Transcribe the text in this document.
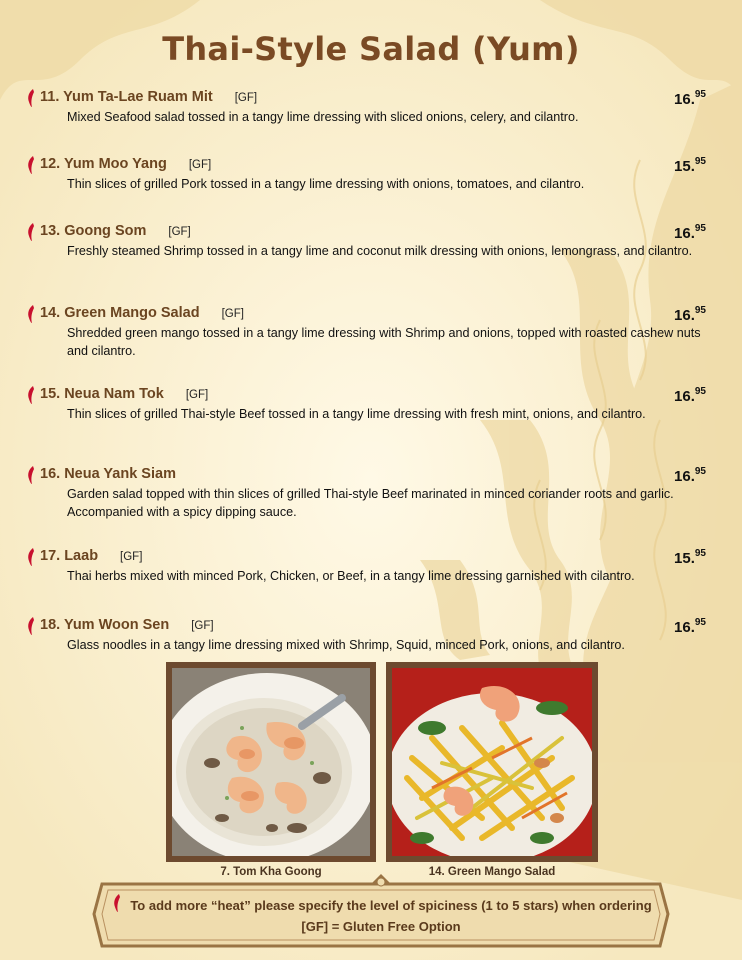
Thai-Style Salad (Yum)
11. Yum Ta-Lae Ruam Mit [GF]	16.95
Mixed Seafood salad tossed in a tangy lime dressing with sliced onions, celery, and cilantro.
12. Yum Moo Yang [GF]	15.95
Thin slices of grilled Pork tossed in a tangy lime dressing with onions, tomatoes, and cilantro.
13. Goong Som [GF]	16.95
Freshly steamed Shrimp tossed in a tangy lime and coconut milk dressing with onions, lemongrass, and cilantro.
14. Green Mango Salad [GF]	16.95
Shredded green mango tossed in a tangy lime dressing with Shrimp and onions, topped with roasted cashew nuts and cilantro.
15. Neua Nam Tok [GF]	16.95
Thin slices of grilled Thai-style Beef tossed in a tangy lime dressing with fresh mint, onions, and cilantro.
16. Neua Yank Siam	16.95
Garden salad topped with thin slices of grilled Thai-style Beef marinated in minced coriander roots and garlic. Accompanied with a spicy dipping sauce.
17. Laab [GF]	15.95
Thai herbs mixed with minced Pork, Chicken, or Beef, in a tangy lime dressing garnished with cilantro.
18. Yum Woon Sen [GF]	16.95
Glass noodles in a tangy lime dressing mixed with Shrimp, Squid, minced Pork, onions, and cilantro.
7. Tom Kha Goong	14. Green Mango Salad
To add more “heat” please specify the level of spiciness (1 to 5 stars) when ordering
[GF] = Gluten Free Option
